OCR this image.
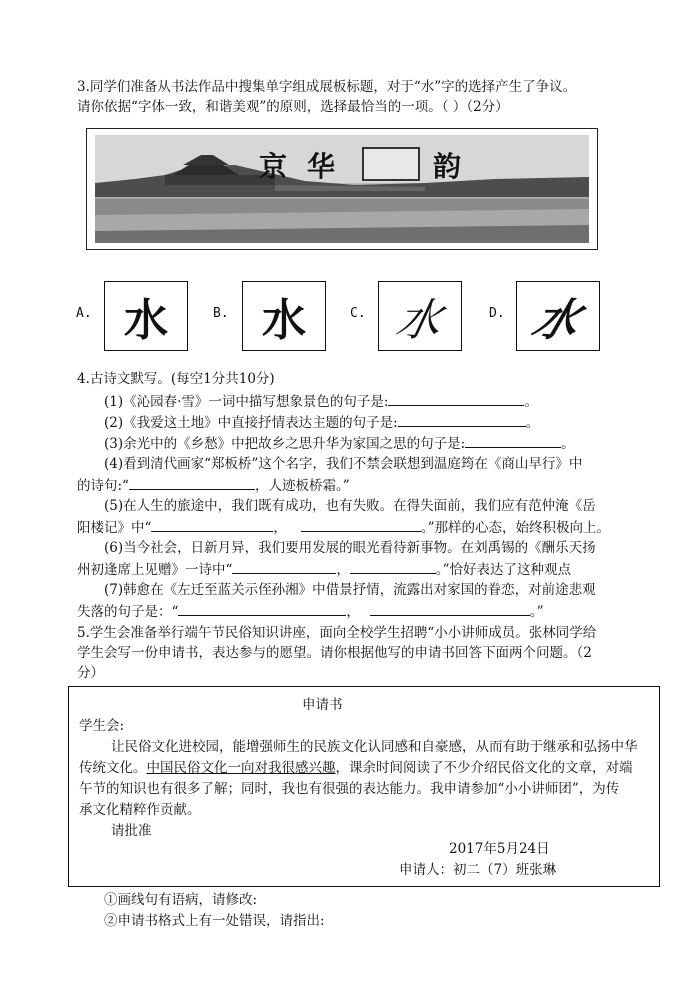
3.同学们准备从书法作品中搜集单字组成展板标题，对于“水”字的选择产生了争议。
请你依据“字体一致，和谐美观”的原则，选择最恰当的一项。（ ）（2分）
京 华	韵
A. 水	B. 水	C. 水	D. 水
4.古诗文默写。(每空1分共10分)
(1)《沁园春·雪》一词中描写想象景色的句子是:	。
(2)《我爱这土地》中直接抒情表达主题的句子是:	。
(3)余光中的《乡愁》中把故乡之思升华为家国之思的句子是:	。
(4)看到清代画家“郑板桥”这个名字，我们不禁会联想到温庭筠在《商山早行》中
的诗句:“	，人迹板桥霜。”
(5)在人生的旅途中，我们既有成功，也有失败。在得失面前，我们应有范仲淹《岳
阳楼记》中“	，	。”那样的心态，始终积极向上。
(6)当今社会，日新月异，我们要用发展的眼光看待新事物。在刘禹锡的《酬乐天扬
州初逢席上见赠》一诗中“	，	。”恰好表达了这种观点
(7)韩愈在《左迁至蓝关示侄孙湘》中借景抒情，流露出对家国的眷恋，对前途悲观
失落的句子是：“	，	。”
5.学生会准备举行端午节民俗知识讲座，面向全校学生招聘“小小讲师成员。张林同学给
学生会写一份申请书，表达参与的愿望。请你根据他写的申请书回答下面两个问题。（2
分）
申请书
学生会:
让民俗文化进校园，能增强师生的民族文化认同感和自豪感，从而有助于继承和弘扬中华
传统文化。中国民俗文化一向对我很感兴趣，课余时间阅读了不少介绍民俗文化的文章，对端
午节的知识也有很多了解；同时，我也有很强的表达能力。我申请参加“小小讲师团”，为传
承文化精粹作贡献。
请批准
2017年5月24日
申请人：初二（7）班张琳
①画线句有语病，请修改:
②申请书格式上有一处错误，请指出:
